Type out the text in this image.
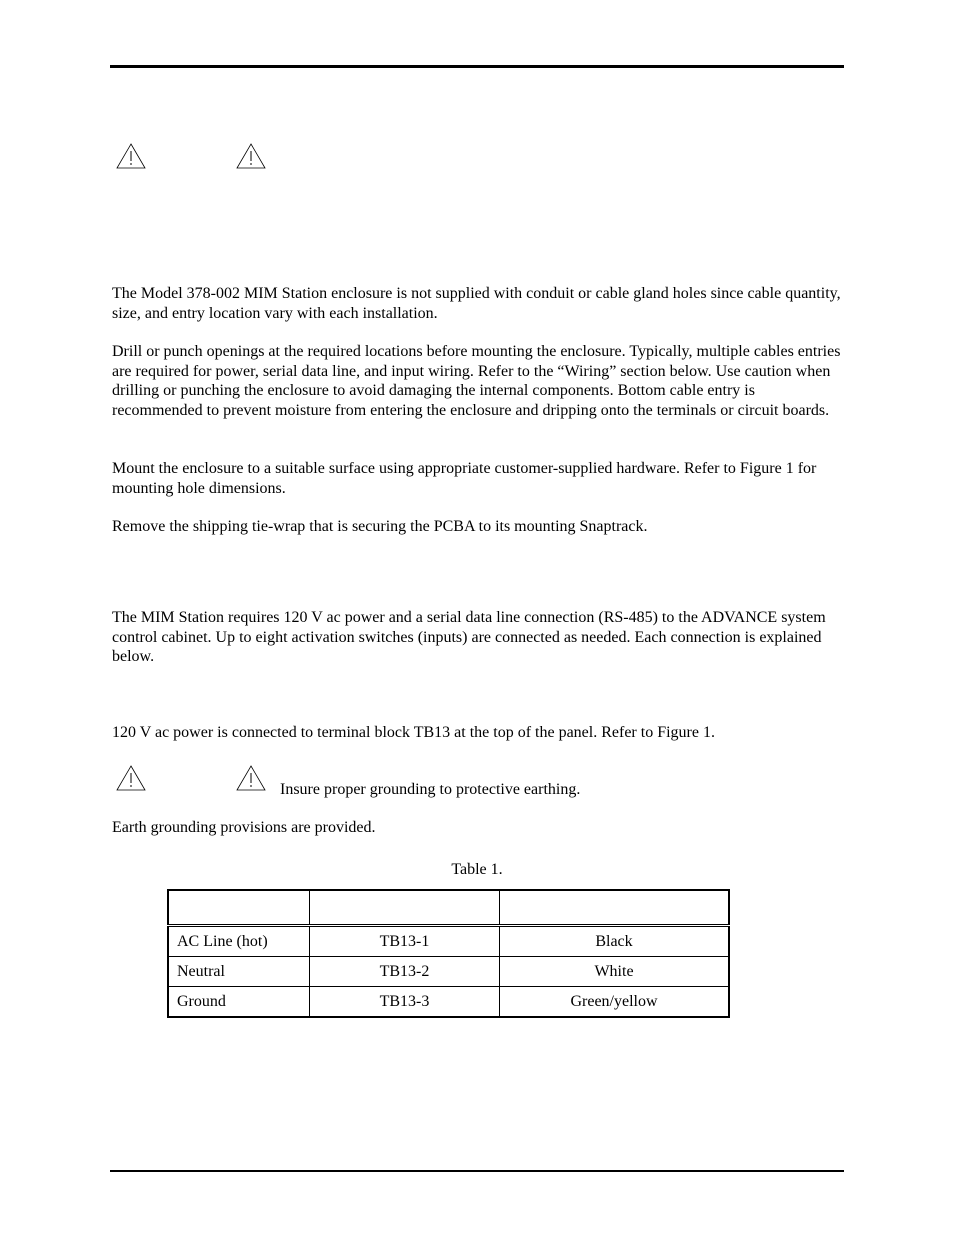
The Model 378-002 MIM Station enclosure is not supplied with conduit or cable gland holes since cable quantity, size, and entry location vary with each installation.

Drill or punch openings at the required locations before mounting the enclosure. Typically, multiple cables entries are required for power, serial data line, and input wiring. Refer to the “Wiring” section below. Use caution when drilling or punching the enclosure to avoid damaging the internal components. Bottom cable entry is recommended to prevent moisture from entering the enclosure and dripping onto the terminals or circuit boards.

Mount the enclosure to a suitable surface using appropriate customer-supplied hardware. Refer to Figure 1 for mounting hole dimensions.

Remove the shipping tie-wrap that is securing the PCBA to its mounting Snaptrack.

The MIM Station requires 120 V ac power and a serial data line connection (RS-485) to the ADVANCE system control cabinet. Up to eight activation switches (inputs) are connected as needed. Each connection is explained below.

120 V ac power is connected to terminal block TB13 at the top of the panel. Refer to Figure 1.

Insure proper grounding to protective earthing.

Earth grounding provisions are provided.

Table 1.

AC Line (hot)	TB13-1	Black
Neutral	TB13-2	White
Ground	TB13-3	Green/yellow
